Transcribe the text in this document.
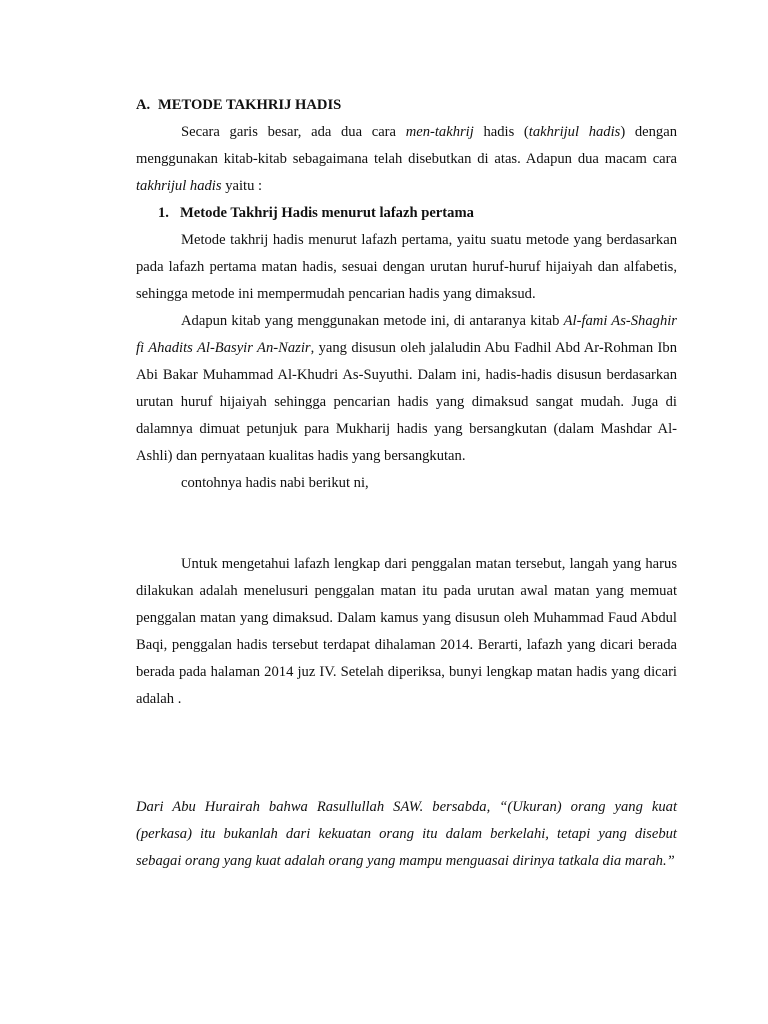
A. METODE TAKHRIJ HADIS

Secara garis besar, ada dua cara men-takhrij hadis (takhrijul hadis) dengan menggunakan kitab-kitab sebagaimana telah disebutkan di atas. Adapun dua macam cara takhrijul hadis yaitu :

1. Metode Takhrij Hadis menurut lafazh pertama

Metode takhrij hadis menurut lafazh pertama, yaitu suatu metode yang berdasarkan pada lafazh pertama matan hadis, sesuai dengan urutan huruf-huruf hijaiyah dan alfabetis, sehingga metode ini mempermudah pencarian hadis yang dimaksud.

Adapun kitab yang menggunakan metode ini, di antaranya kitab Al-fami As-Shaghir fi Ahadits Al-Basyir An-Nazir, yang disusun oleh jalaludin Abu Fadhil Abd Ar-Rohman Ibn Abi Bakar Muhammad Al-Khudri As-Suyuthi. Dalam ini, hadis-hadis disusun berdasarkan urutan huruf hijaiyah sehingga pencarian hadis yang dimaksud sangat mudah. Juga di dalamnya dimuat petunjuk para Mukharij hadis yang bersangkutan (dalam Mashdar Al-Ashli) dan pernyataan kualitas hadis yang bersangkutan.

contohnya hadis nabi berikut ni,

Untuk mengetahui lafazh lengkap dari penggalan matan tersebut, langah yang harus dilakukan adalah menelusuri penggalan matan itu pada urutan awal matan yang memuat penggalan matan yang dimaksud. Dalam kamus yang disusun oleh Muhammad Faud Abdul Baqi, penggalan hadis tersebut terdapat dihalaman 2014. Berarti, lafazh yang dicari berada berada pada halaman 2014 juz IV. Setelah diperiksa, bunyi lengkap matan hadis yang dicari adalah .

Dari Abu Hurairah bahwa Rasullullah SAW. bersabda, “(Ukuran) orang yang kuat (perkasa) itu bukanlah dari kekuatan orang itu dalam berkelahi, tetapi yang disebut sebagai orang yang kuat adalah orang yang mampu menguasai dirinya tatkala dia marah.”
